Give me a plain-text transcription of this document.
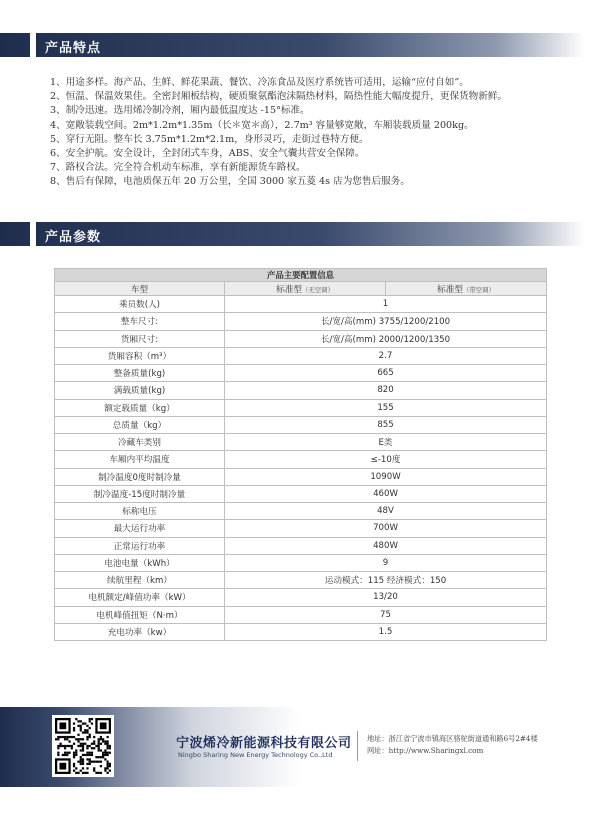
产品特点
1、用途多样。海产品、生鲜、鲜花果蔬、餐饮、冷冻食品及医疗系统皆可适用，运输“应付自如”。
2、恒温、保温效果佳。全密封厢板结构，硬质聚氨酯泡沫隔热材料，隔热性能大幅度提升，更保货物新鲜。
3、制冷迅速。选用烯冷制冷剂，厢内最低温度达 -15°标准。
4、宽敞装载空间。2m*1.2m*1.35m（长＊宽＊高），2.7m³ 容量够宽敞，车厢装载质量 200kg。
5、穿行无阻。整车长 3.75m*1.2m*2.1m，身形灵巧，走街过巷特方便。
6、安全护航。安全设计，全封闭式车身，ABS、安全气囊共营安全保障。
7、路权合法。完全符合机动车标准，享有新能源货车路权。
8、售后有保障，电池质保五年 20 万公里，全国 3000 家五菱 4s 店为您售后服务。
产品参数
产品主要配置信息		
车型	标准型（无空调）	标准型（带空调）
乘员数(人)	1	
整车尺寸:	长/宽/高(mm) 3755/1200/2100	
货厢尺寸:	长/宽/高(mm) 2000/1200/1350	
货厢容积（m³）	2.7	
整备质量(kg)	665	
满载质量(kg)	820	
额定载质量（kg）	155	
总质量（kg）	855	
冷藏车类别	E类	
车厢内平均温度	≤-10度	
制冷温度0度时制冷量	1090W	
制冷温度-15度时制冷量	460W	
标称电压	48V	
最大运行功率	700W	
正常运行功率	480W	
电池电量（kWh）	9	
续航里程（km）	运动模式：115 经济模式：150	
电机额定/峰值功率（kW）	13/20	
电机峰值扭矩（N·m）	75	
充电功率（kw）	1.5	
宁波烯冷新能源科技有限公司
Ningbo Sharing New Energy Technology Co.,Ltd
地址：浙江省宁波市镇海区骆驼街道通和路6号2#4楼
网址：http://www.Sharingxl.com
